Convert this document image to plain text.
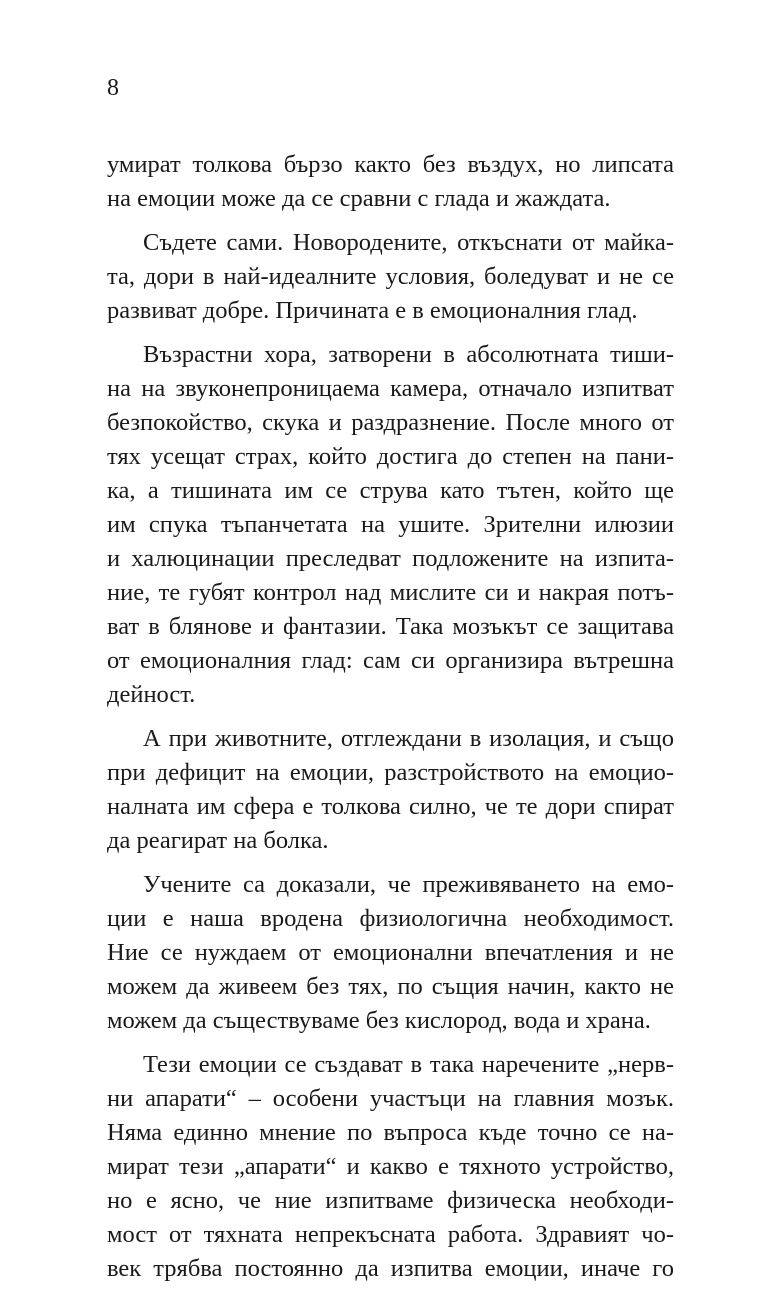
8
умират толкова бързо както без въздух, но липсата
на емоции може да се сравни с глада и жаждата.
Съдете сами. Новородените, откъснати от майка-
та, дори в най-идеалните условия, боледуват и не се
развиват добре. Причината е в емоционалния глад.
Възрастни хора, затворени в абсолютната тиши-
на на звуконепроницаема камера, отначало изпитват
безпокойство, скука и раздразнение. После много от
тях усещат страх, който достига до степен на пани-
ка, а тишината им се струва като тътен, който ще
им спука тъпанчетата на ушите. Зрителни илюзии
и халюцинации преследват подложените на изпита-
ние, те губят контрол над мислите си и накрая потъ-
ват в блянове и фантазии. Така мозъкът се защитава
от емоционалния глад: сам си организира вътрешна
дейност.
А при животните, отглеждани в изолация, и също
при дефицит на емоции, разстройството на емоцио-
налната им сфера е толкова силно, че те дори спират
да реагират на болка.
Учените са доказали, че преживяването на емо-
ции е наша вродена физиологична необходимост.
Ние се нуждаем от емоционални впечатления и не
можем да живеем без тях, по същия начин, както не
можем да съществуваме без кислород, вода и храна.
Тези емоции се създават в така наречените „нерв-
ни апарати“ – особени участъци на главния мозък.
Няма единно мнение по въпроса къде точно се на-
мират тези „апарати“ и какво е тяхното устройство,
но е ясно, че ние изпитваме физическа необходи-
мост от тяхната непрекъсната работа. Здравият чо-
век трябва постоянно да изпитва емоции, иначе го
